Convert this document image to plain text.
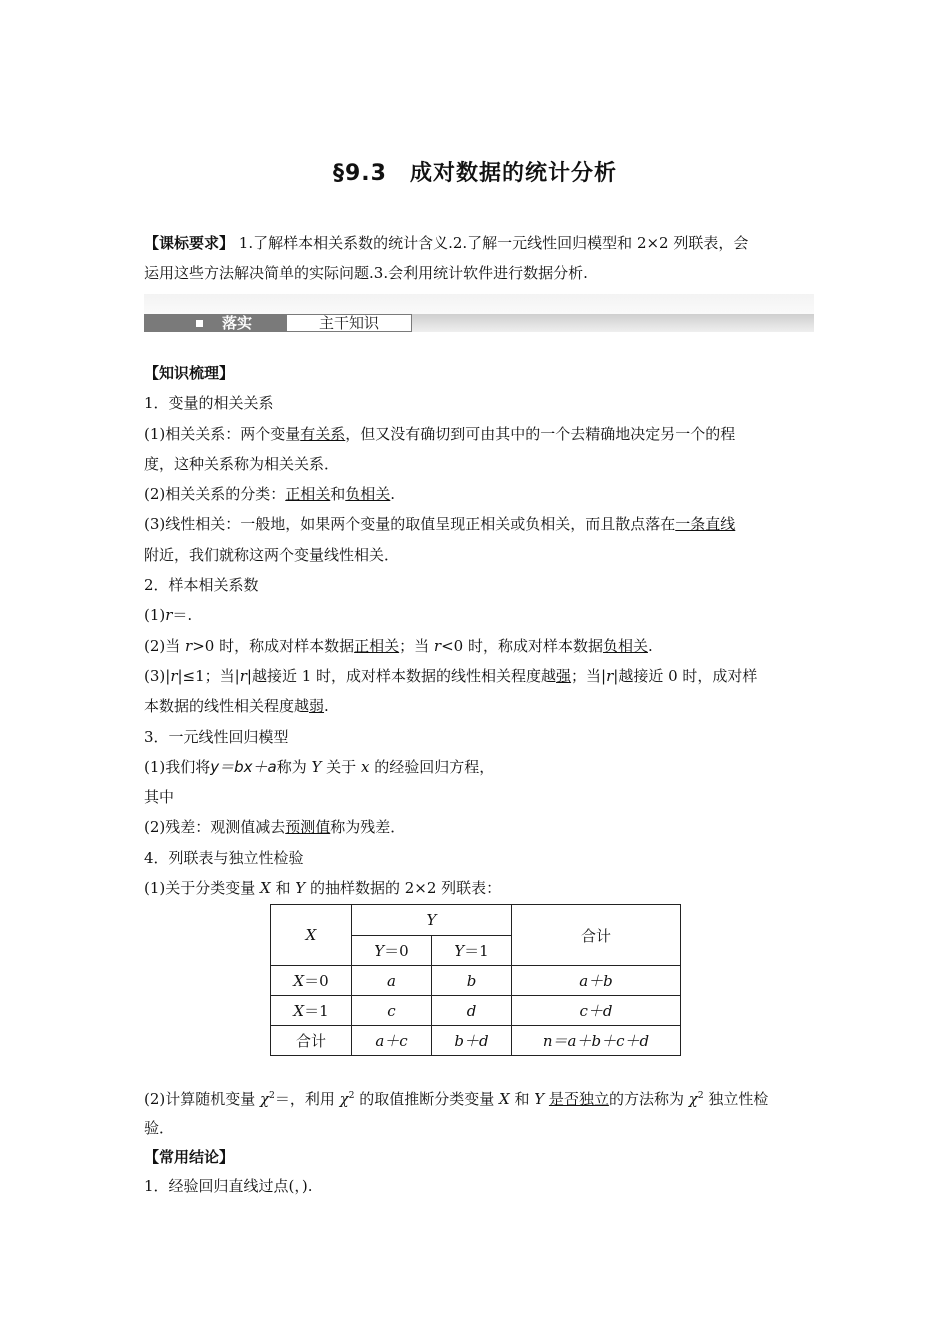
§9.3　成对数据的统计分析
【课标要求】 1.了解样本相关系数的统计含义.2.了解一元线性回归模型和 2×2 列联表，会
运用这些方法解决简单的实际问题.3.会利用统计软件进行数据分析.
落实	主干知识
【知识梳理】
1．变量的相关关系
(1)相关关系：两个变量有关系，但又没有确切到可由其中的一个去精确地决定另一个的程
度，这种关系称为相关关系．
(2)相关关系的分类：正相关和负相关.
(3)线性相关：一般地，如果两个变量的取值呈现正相关或负相关，而且散点落在一条直线
附近，我们就称这两个变量线性相关．
2．样本相关系数
(1)r＝.
(2)当 r>0 时，称成对样本数据正相关；当 r<0 时，称成对样本数据负相关.
(3)|r|≤1；当|r|越接近 1 时，成对样本数据的线性相关程度越强；当|r|越接近 0 时，成对样
本数据的线性相关程度越弱.
3．一元线性回归模型
(1)我们将y＝bx＋a称为 Y 关于 x 的经验回归方程，
其中
(2)残差：观测值减去预测值称为残差．
4．列联表与独立性检验
(1)关于分类变量 X 和 Y 的抽样数据的 2×2 列联表：
X	Y		合计
	Y＝0	Y＝1	
X＝0	a	b	a＋b
X＝1	c	d	c＋d
合计	a＋c	b＋d	n＝a＋b＋c＋d
(2)计算随机变量 $\chi^2=$，利用 $\chi^2$ 的取值推断分类变量 X 和 Y 是否独立的方法称为 $\chi^2$ 独立性检
验．
【常用结论】
1．经验回归直线过点(，).
